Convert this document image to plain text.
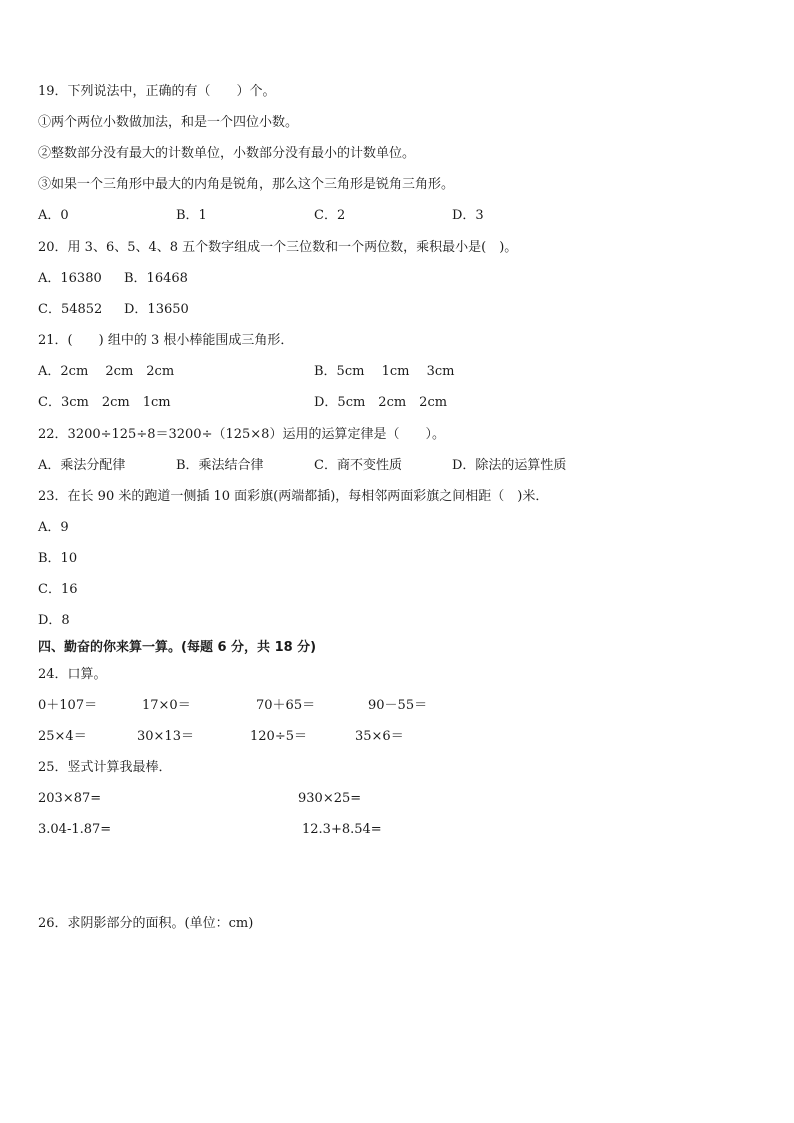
19．下列说法中，正确的有（　　）个。
①两个两位小数做加法，和是一个四位小数。
②整数部分没有最大的计数单位，小数部分没有最小的计数单位。
③如果一个三角形中最大的内角是锐角，那么这个三角形是锐角三角形。
A．0	B．1	C．2	D．3
20．用 3、6、5、4、8 五个数字组成一个三位数和一个两位数，乘积最小是(　)。
A．16380 B．16468
C．54852 D．13650
21．(　　) 组中的 3 根小棒能围成三角形．
A．2cm　 2cm　2cm	B．5cm　 1cm　 3cm
C．3cm　2cm　1cm	D．5cm　2cm　2cm
22．3200÷125÷8＝3200÷（125×8）运用的运算定律是（　　）。
A．乘法分配律	B．乘法结合律	C．商不变性质	D．除法的运算性质
23．在长 90 米的跑道一侧插 10 面彩旗(两端都插)，每相邻两面彩旗之间相距（　)米．
A．9
B．10
C．16
D．8
四、勤奋的你来算一算。(每题 6 分，共 18 分)
24．口算。
0＋107＝	17×0＝	70＋65＝	90－55＝
25×4＝	30×13＝	120÷5＝	35×6＝
25．竖式计算我最棒．
203×87=	930×25=
3.04-1.87=	12.3+8.54=
26．求阴影部分的面积。(单位：cm)
